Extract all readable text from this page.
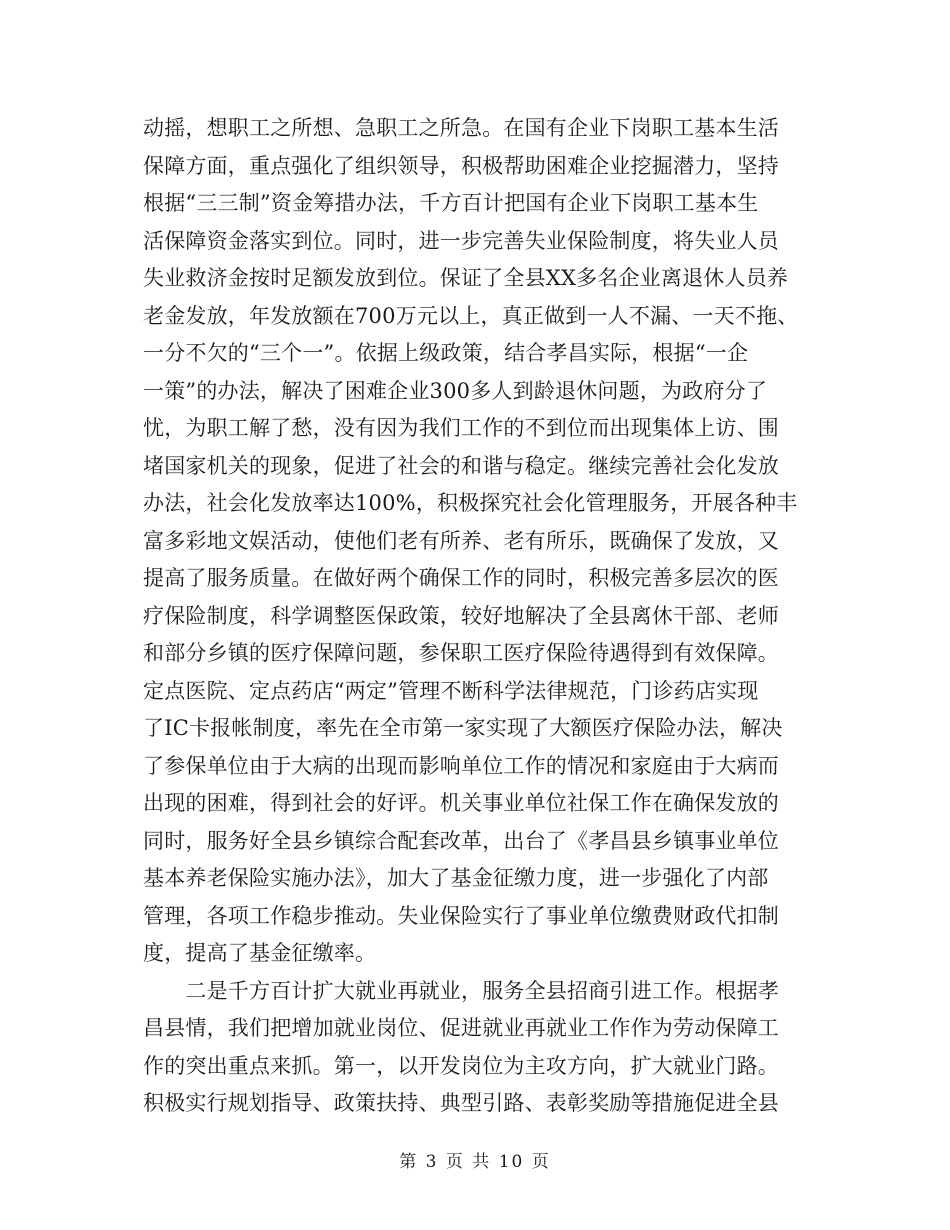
动摇，想职工之所想、急职工之所急。在国有企业下岗职工基本生活
保障方面，重点强化了组织领导，积极帮助困难企业挖掘潜力，坚持
根据“三三制”资金筹措办法，千方百计把国有企业下岗职工基本生
活保障资金落实到位。同时，进一步完善失业保险制度，将失业人员
失业救济金按时足额发放到位。保证了全县XX多名企业离退休人员养
老金发放，年发放额在700万元以上，真正做到一人不漏、一天不拖、
一分不欠的“三个一”。依据上级政策，结合孝昌实际，根据“一企
一策”的办法，解决了困难企业300多人到龄退休问题，为政府分了
忧，为职工解了愁，没有因为我们工作的不到位而出现集体上访、围
堵国家机关的现象，促进了社会的和谐与稳定。继续完善社会化发放
办法，社会化发放率达100%，积极探究社会化管理服务，开展各种丰
富多彩地文娱活动，使他们老有所养、老有所乐，既确保了发放，又
提高了服务质量。在做好两个确保工作的同时，积极完善多层次的医
疗保险制度，科学调整医保政策，较好地解决了全县离休干部、老师
和部分乡镇的医疗保障问题，参保职工医疗保险待遇得到有效保障。
定点医院、定点药店“两定”管理不断科学法律规范，门诊药店实现
了IC卡报帐制度，率先在全市第一家实现了大额医疗保险办法，解决
了参保单位由于大病的出现而影响单位工作的情况和家庭由于大病而
出现的困难，得到社会的好评。机关事业单位社保工作在确保发放的
同时，服务好全县乡镇综合配套改革，出台了《孝昌县乡镇事业单位
基本养老保险实施办法》，加大了基金征缴力度，进一步强化了内部
管理，各项工作稳步推动。失业保险实行了事业单位缴费财政代扣制
度，提高了基金征缴率。
　　二是千方百计扩大就业再就业，服务全县招商引进工作。根据孝
昌县情，我们把增加就业岗位、促进就业再就业工作作为劳动保障工
作的突出重点来抓。第一，以开发岗位为主攻方向，扩大就业门路。
积极实行规划指导、政策扶持、典型引路、表彰奖励等措施促进全县
第 3 页 共 10 页
